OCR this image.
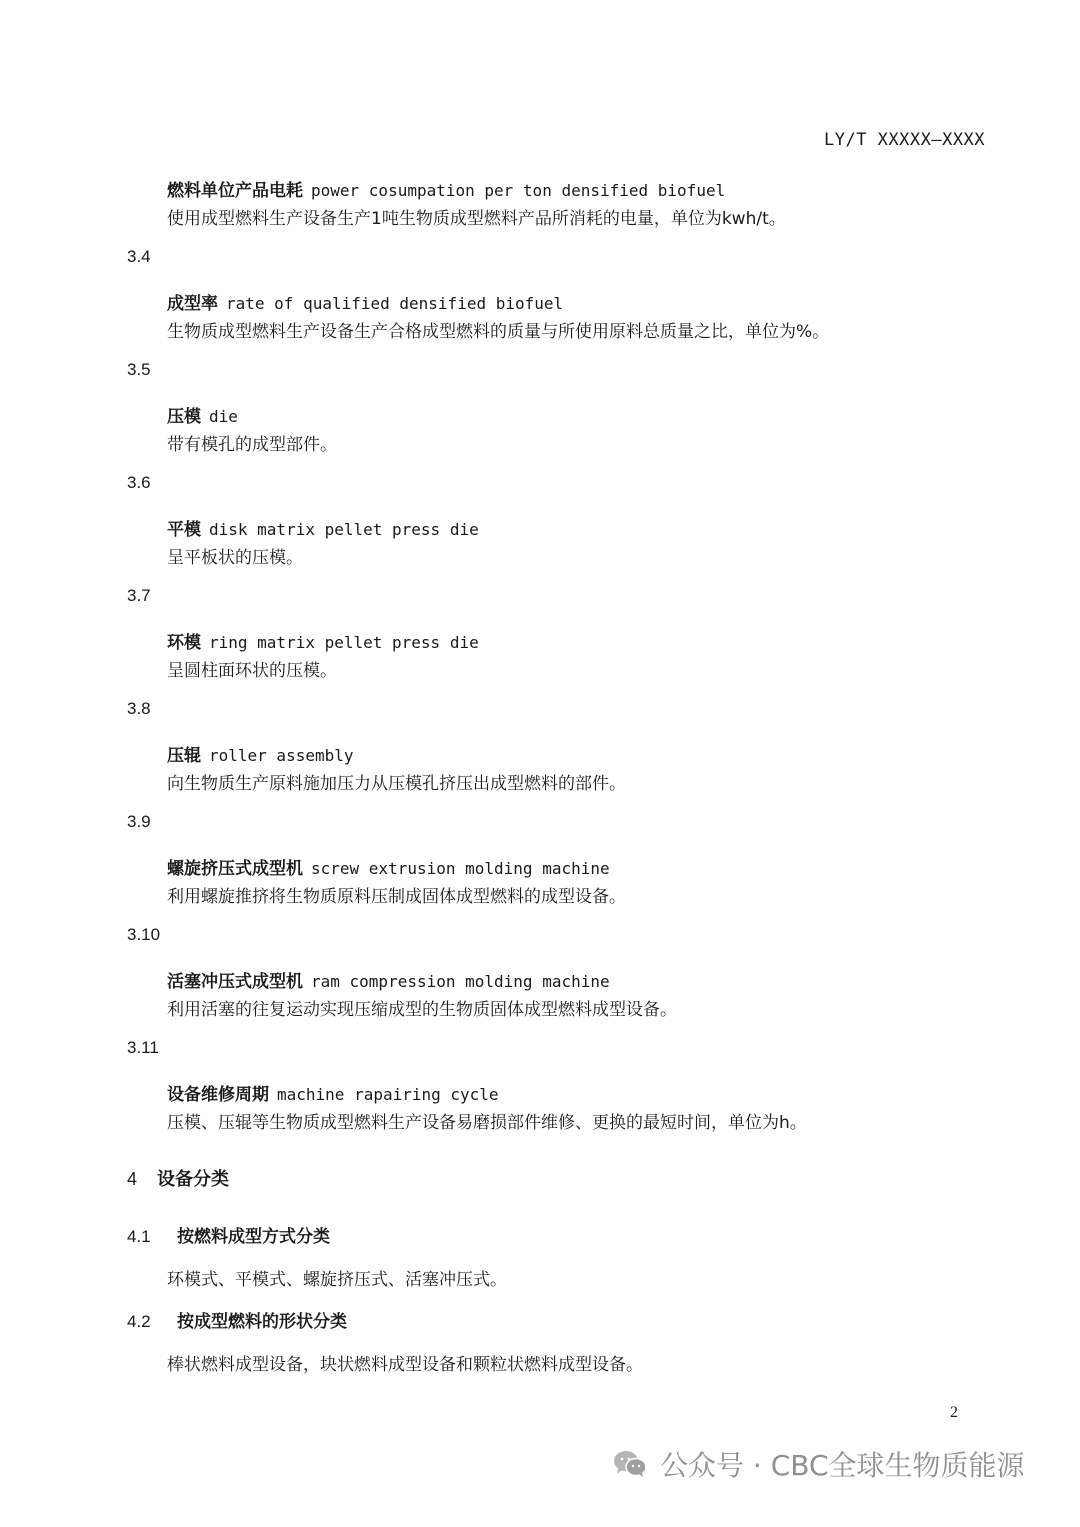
LY/T XXXXX—XXXX
燃料单位产品电耗 power cosumpation per ton densified biofuel
使用成型燃料生产设备生产1吨生物质成型燃料产品所消耗的电量，单位为kwh/t。
3.4
成型率 rate of qualified densified biofuel
生物质成型燃料生产设备生产合格成型燃料的质量与所使用原料总质量之比，单位为%。
3.5
压模 die
带有模孔的成型部件。
3.6
平模 disk matrix pellet press die
呈平板状的压模。
3.7
环模 ring matrix pellet press die
呈圆柱面环状的压模。
3.8
压辊 roller assembly
向生物质生产原料施加压力从压模孔挤压出成型燃料的部件。
3.9
螺旋挤压式成型机 screw extrusion molding machine
利用螺旋推挤将生物质原料压制成固体成型燃料的成型设备。
3.10
活塞冲压式成型机 ram compression molding machine
利用活塞的往复运动实现压缩成型的生物质固体成型燃料成型设备。
3.11
设备维修周期 machine rapairing cycle
压模、压辊等生物质成型燃料生产设备易磨损部件维修、更换的最短时间，单位为h。
4 设备分类
4.1 按燃料成型方式分类
环模式、平模式、螺旋挤压式、活塞冲压式。
4.2 按成型燃料的形状分类
棒状燃料成型设备，块状燃料成型设备和颗粒状燃料成型设备。
2
公众号 · CBC全球生物质能源
